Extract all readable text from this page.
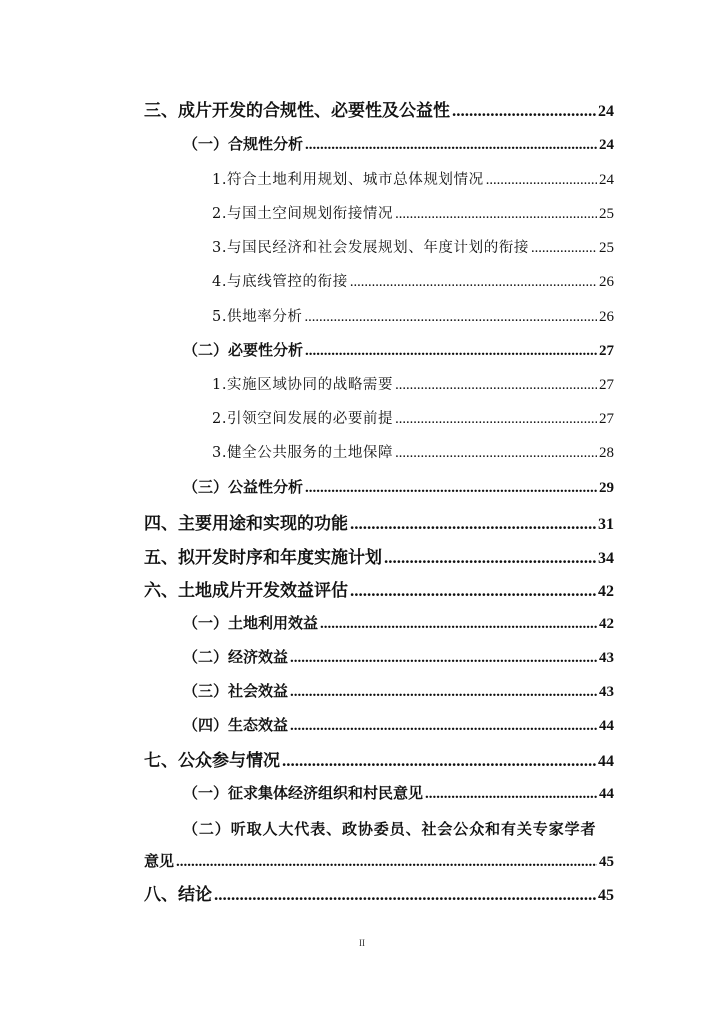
三、成片开发的合规性、必要性及公益性 .....	24
（一）合规性分析 .....	24
1.符合土地利用规划、城市总体规划情况 .....	24
2.与国土空间规划衔接情况 .....	25
3.与国民经济和社会发展规划、年度计划的衔接 .....	25
4.与底线管控的衔接 .....	26
5.供地率分析 .....	26
（二）必要性分析 .....	27
1.实施区域协同的战略需要 .....	27
2.引领空间发展的必要前提 .....	27
3.健全公共服务的土地保障 .....	28
（三）公益性分析 .....	29
四、主要用途和实现的功能 .....	31
五、拟开发时序和年度实施计划 .....	34
六、土地成片开发效益评估 .....	42
（一）土地利用效益 .....	42
（二）经济效益 .....	43
（三）社会效益 .....	43
（四）生态效益 .....	44
七、公众参与情况 .....	44
（一）征求集体经济组织和村民意见 .....	44
（二）听取人大代表、政协委员、社会公众和有关专家学者
意见 .....	45
八、结论 .....	45
II
